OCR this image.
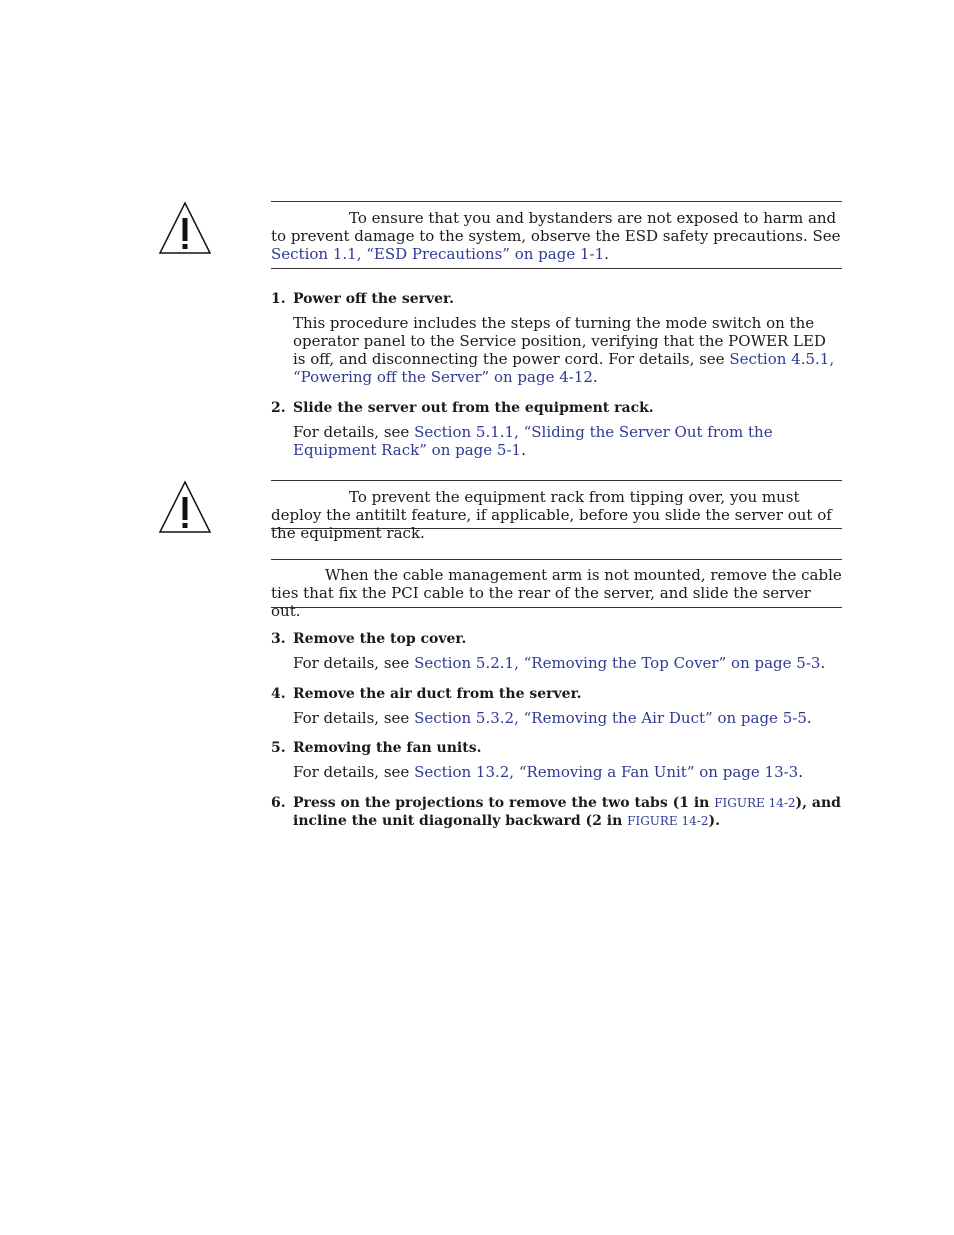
To ensure that you and bystanders are not exposed to harm and to prevent damage to the system, observe the ESD safety precautions. See Section 1.1, “ESD Precautions” on page 1-1.

1. Power off the server.
This procedure includes the steps of turning the mode switch on the operator panel to the Service position, verifying that the POWER LED is off, and disconnecting the power cord. For details, see Section 4.5.1, “Powering off the Server” on page 4-12.
2. Slide the server out from the equipment rack.
For details, see Section 5.1.1, “Sliding the Server Out from the Equipment Rack” on page 5-1.

To prevent the equipment rack from tipping over, you must deploy the antitilt feature, if applicable, before you slide the server out of the equipment rack.

When the cable management arm is not mounted, remove the cable ties that fix the PCI cable to the rear of the server, and slide the server out.

3. Remove the top cover.
For details, see Section 5.2.1, “Removing the Top Cover” on page 5-3.
4. Remove the air duct from the server.
For details, see Section 5.3.2, “Removing the Air Duct” on page 5-5.
5. Removing the fan units.
For details, see Section 13.2, “Removing a Fan Unit” on page 13-3.
6. Press on the projections to remove the two tabs (1 in FIGURE 14-2), and incline the unit diagonally backward (2 in FIGURE 14-2).
